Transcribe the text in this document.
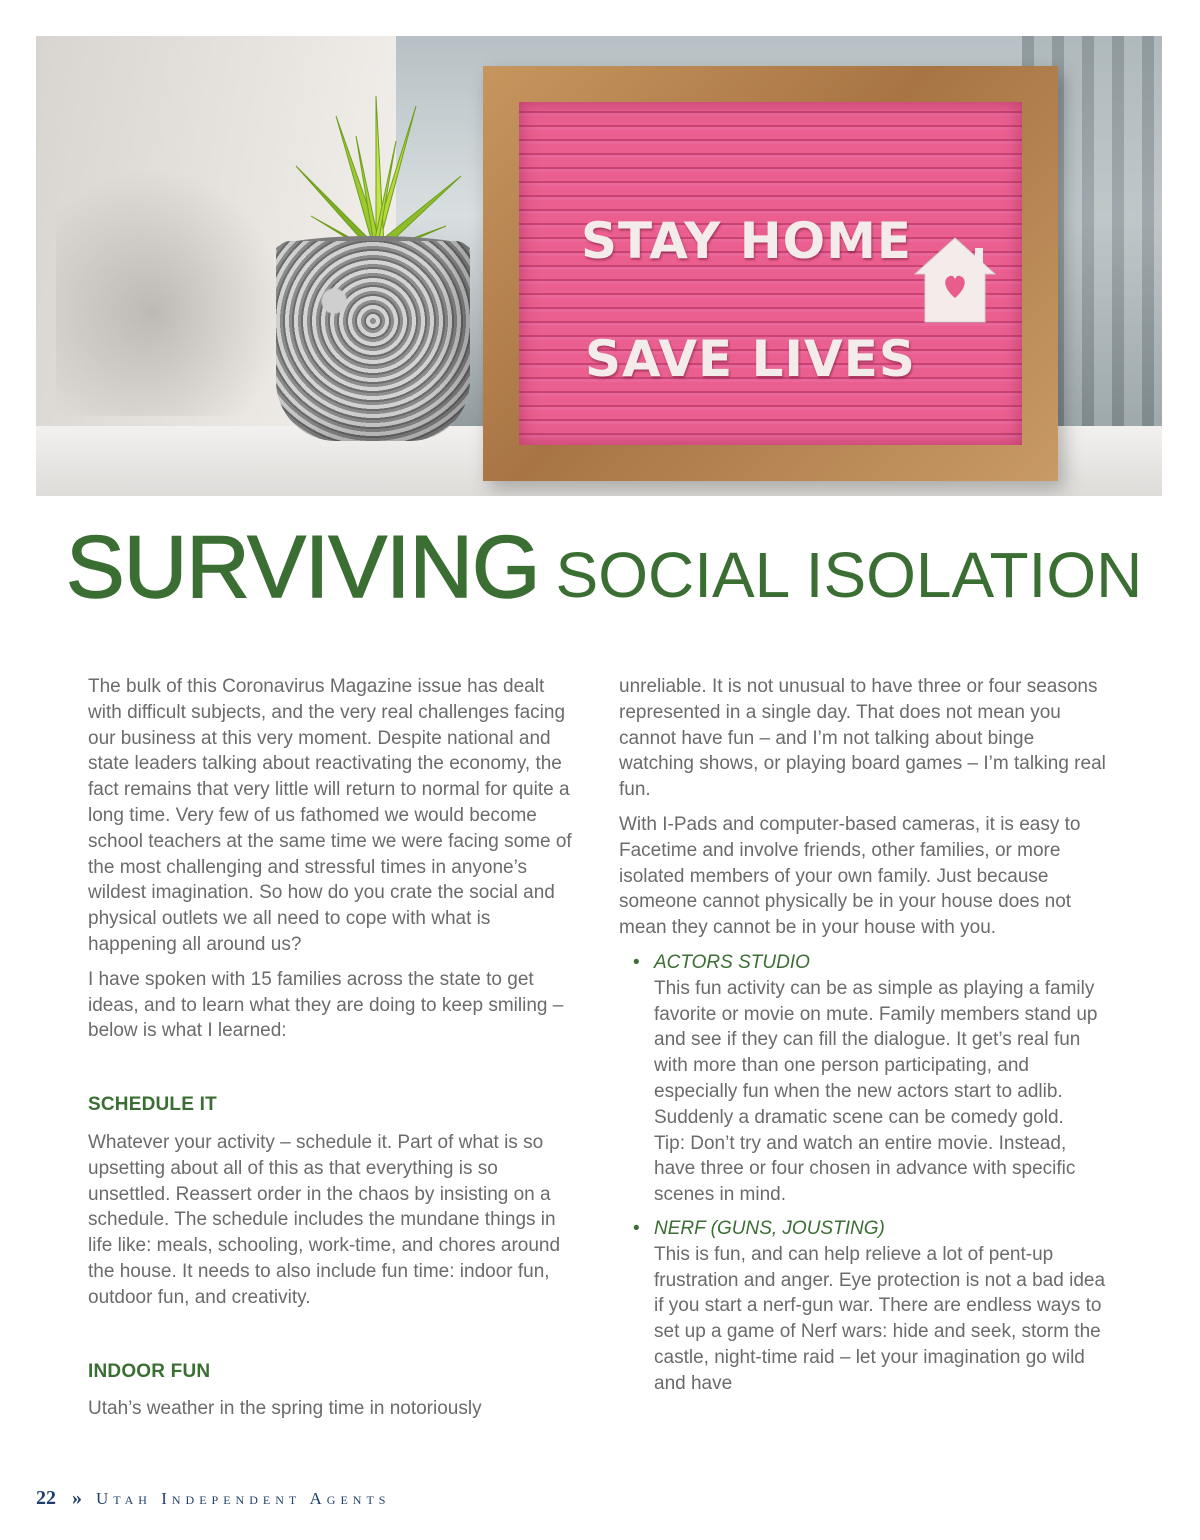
STAY HOME
SAVE LIVES
SURVIVING SOCIAL ISOLATION

The bulk of this Coronavirus Magazine issue has dealt with difficult subjects, and the very real challenges facing our business at this very moment. Despite national and state leaders talking about reactivating the economy, the fact remains that very little will return to normal for quite a long time. Very few of us fathomed we would become school teachers at the same time we were facing some of the most challenging and stressful times in anyone’s wildest imagination. So how do you crate the social and physical outlets we all need to cope with what is happening all around us?

I have spoken with 15 families across the state to get ideas, and to learn what they are doing to keep smiling – below is what I learned:

SCHEDULE IT

Whatever your activity – schedule it. Part of what is so upsetting about all of this as that everything is so unsettled. Reassert order in the chaos by insisting on a schedule. The schedule includes the mundane things in life like: meals, schooling, work-time, and chores around the house. It needs to also include fun time: indoor fun, outdoor fun, and creativity.

INDOOR FUN

Utah’s weather in the spring time in notoriously

unreliable. It is not unusual to have three or four seasons represented in a single day. That does not mean you cannot have fun – and I’m not talking about binge watching shows, or playing board games – I’m talking real fun.

With I-Pads and computer-based cameras, it is easy to Facetime and involve friends, other families, or more isolated members of your own family. Just because someone cannot physically be in your house does not mean they cannot be in your house with you.

• ACTORS STUDIO
This fun activity can be as simple as playing a family favorite or movie on mute. Family members stand up and see if they can fill the dialogue. It get’s real fun with more than one person participating, and especially fun when the new actors start to adlib. Suddenly a dramatic scene can be comedy gold.
Tip: Don’t try and watch an entire movie. Instead, have three or four chosen in advance with specific scenes in mind.
• NERF (GUNS, JOUSTING)
This is fun, and can help relieve a lot of pent-up frustration and anger. Eye protection is not a bad idea if you start a nerf-gun war. There are endless ways to set up a game of Nerf wars: hide and seek, storm the castle, night-time raid – let your imagination go wild and have
22 » Utah Independent Agents
